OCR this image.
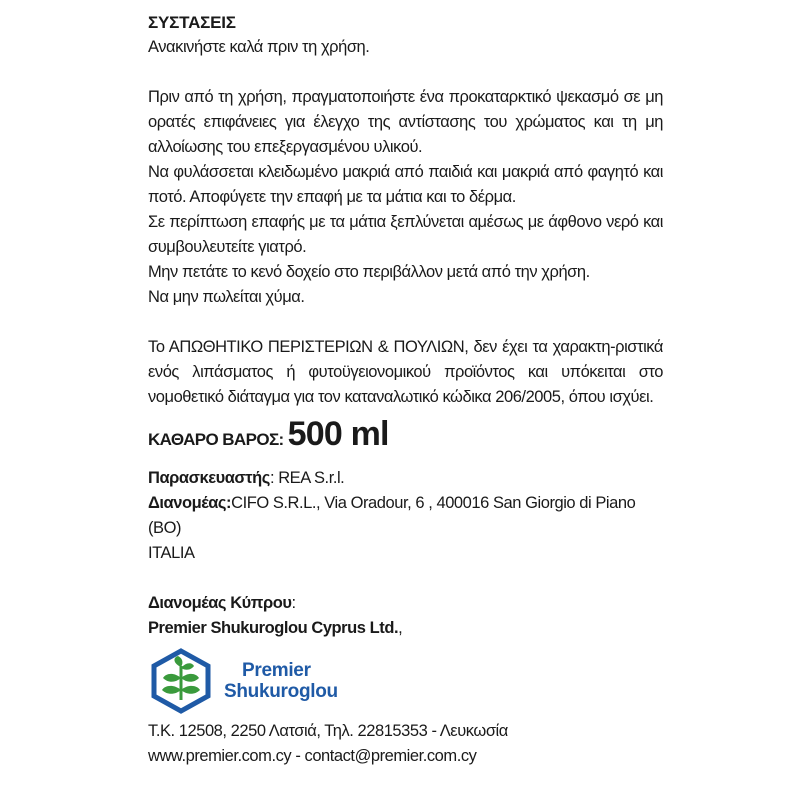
ΣΥΣΤΑΣΕΙΣ

Ανακινήστε καλά πριν τη χρήση.

Πριν από τη χρήση, πραγματοποιήστε ένα προκαταρκτικό ψεκασμό σε μη ορατές επιφάνειες για έλεγχο της αντίστασης του χρώματος και τη μη αλλοίωσης του επεξεργασμένου υλικού.

Να φυλάσσεται κλειδωμένο μακριά από παιδιά και μακριά από φαγητό και ποτό. Αποφύγετε την επαφή με τα μάτια και το δέρμα.

Σε περίπτωση επαφής με τα μάτια ξεπλύνεται αμέσως με άφθονο νερό και συμβουλευτείτε γιατρό.

Μην πετάτε το κενό δοχείο στο περιβάλλον μετά από την χρήση.

Να μην πωλείται χύμα.

Το ΑΠΩΘΗΤΙΚΟ ΠΕΡΙΣΤΕΡΙΩΝ & ΠΟΥΛΙΩΝ, δεν έχει τα χαρακτη-ριστικά ενός λιπάσματος ή φυτοϋγειονομικού προϊόντος και υπόκειται στο νομοθετικό διάταγμα για τον καταναλωτικό κώδικα 206/2005, όπου ισχύει.

ΚΑΘΑΡΟ ΒΑΡΟΣ: 500 ml

Παρασκευαστής: REA S.r.l.

Διανομέας:CIFO S.R.L., Via Oradour, 6 , 400016 San Giorgio di Piano (BO)

ITALIA

Διανομέας Κύπρου:

Premier Shukuroglou Cyprus Ltd.,

Premier
Shukuroglou

Τ.Κ. 12508, 2250 Λατσιά, Τηλ. 22815353 - Λευκωσία

www.premier.com.cy - contact@premier.com.cy
